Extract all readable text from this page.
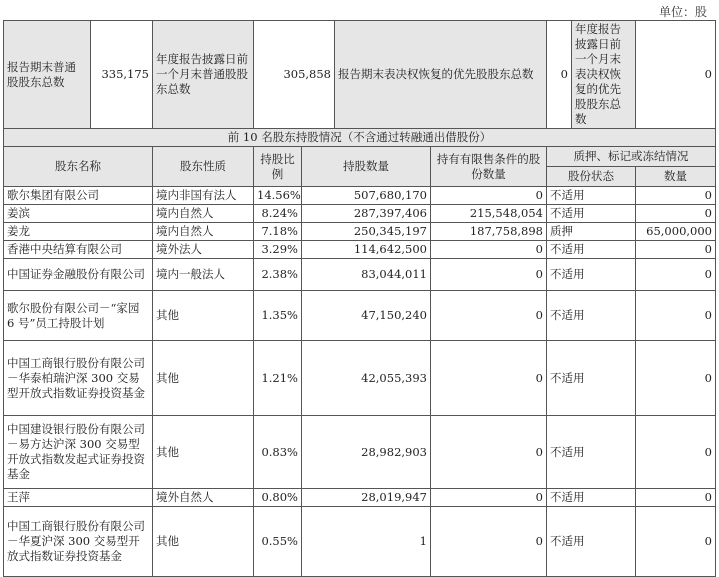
单位：股
报告期末普通股股东总数	335,175	年度报告披露日前一个月末普通股股东总数	305,858		报告期末表决权恢复的优先股股东总数		0	年度报告披露日前一个月末表决权恢复的优先股股东总数	0
前 10 名股东持股情况（不含通过转融通出借股份）									
股东名称		股东性质	持股比例	持股数量		持有有限售条件的股份数量	质押、标记或冻结情况		
							股份状态		数量
歌尔集团有限公司		境内非国有法人	14.56%	507,680,170		0	不适用		0
姜滨		境内自然人	8.24%	287,397,406		215,548,054	不适用		0
姜龙		境内自然人	7.18%	250,345,197		187,758,898	质押		65,000,000
香港中央结算有限公司		境外法人	3.29%	114,642,500		0	不适用		0
中国证券金融股份有限公司		境内一般法人	2.38%	83,044,011		0	不适用		0
歌尔股份有限公司－“家园 6 号”员工持股计划		其他	1.35%	47,150,240		0	不适用		0
中国工商银行股份有限公司－华泰柏瑞沪深 300 交易型开放式指数证券投资基金		其他	1.21%	42,055,393		0	不适用		0
中国建设银行股份有限公司－易方达沪深 300 交易型开放式指数发起式证券投资基金		其他	0.83%	28,982,903		0	不适用		0
王萍		境外自然人	0.80%	28,019,947		0	不适用		0
中国工商银行股份有限公司－华夏沪深 300 交易型开放式指数证券投资基金		其他	0.55%	1		0	不适用		0
